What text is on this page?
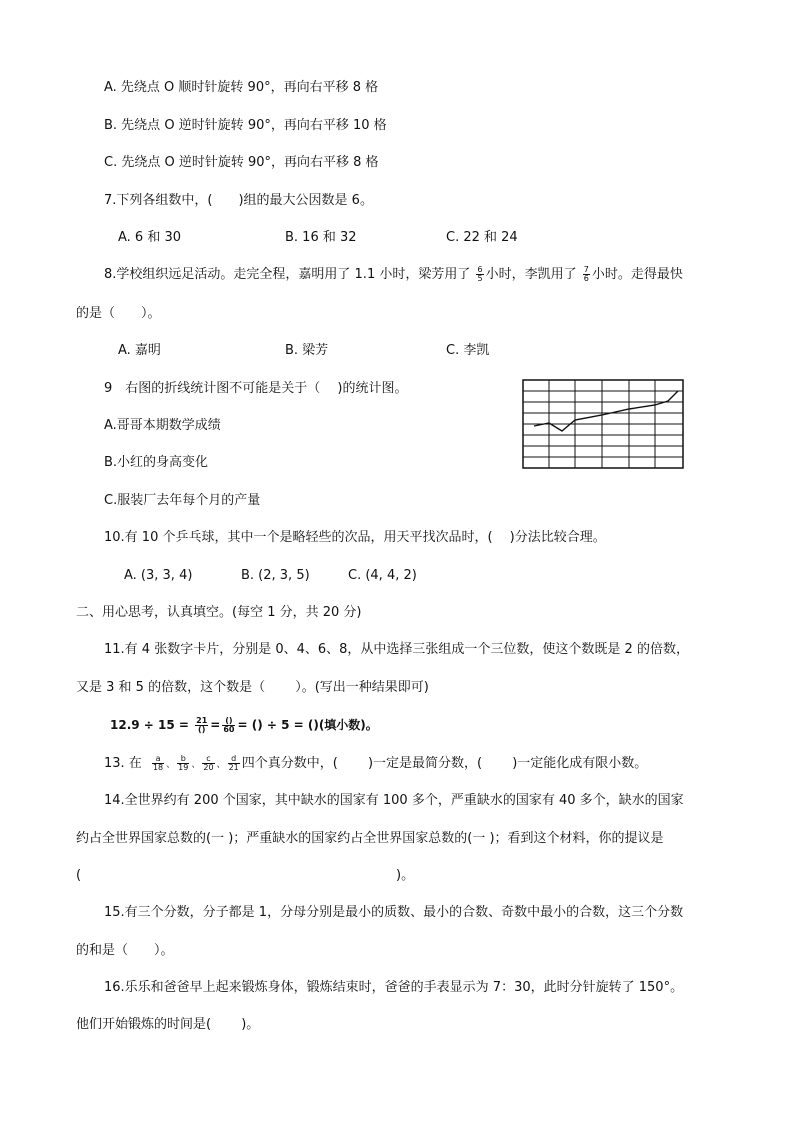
A. 先绕点 O 顺时针旋转 90°，再向右平移 8 格
B. 先绕点 O 逆时针旋转 90°，再向右平移 10 格
C. 先绕点 O 逆时针旋转 90°，再向右平移 8 格
7.下列各组数中，(　　)组的最大公因数是 6。
A. 6 和 30	B. 16 和 32	C. 22 和 24
8.学校组织远足活动。走完全程，嘉明用了 1.1 小时，梁芳用了 $\frac{6}{5}$ 小时，李凯用了 $\frac{7}{6}$ 小时。走得最快
的是（　　）。
A. 嘉明	B. 梁芳	C. 李凯
9　右图的折线统计图不可能是关于（　 )的统计图。
A.哥哥本期数学成绩
B.小红的身高变化
C.服装厂去年每个月的产量
10.有 10 个乒乓球，其中一个是略轻些的次品，用天平找次品时，(　 )分法比较合理。
A. (3, 3, 4)	B. (2, 3, 5)	C. (4, 4, 2)
二、用心思考，认真填空。(每空 1 分，共 20 分)
11.有 4 张数字卡片，分别是 0、4、6、8，从中选择三张组成一个三位数，使这个数既是 2 的倍数，
又是 3 和 5 的倍数，这个数是（　　 ）。(写出一种结果即可)
$12.9 \div 15 = \frac{21}{()} = \frac{()}{60}$ = () ÷ 5 = ()(填小数)。
13. 在 $\frac{a}{18}$ 、 $\frac{b}{19}$ 、 $\frac{c}{20}$ 、 $\frac{d}{21}$ 四个真分数中，(　　 )一定是最简分数，(　　 )一定能化成有限小数。
14.全世界约有 200 个国家，其中缺水的国家有 100 多个，严重缺水的国家有 40 多个，缺水的国家
约占全世界国家总数的(一 )；严重缺水的国家约占全世界国家总数的(一 )；看到这个材料，你的提议是
(	)。
15.有三个分数，分子都是 1，分母分别是最小的质数、最小的合数、奇数中最小的合数，这三个分数
的和是（　　）。
16.乐乐和爸爸早上起来锻炼身体，锻炼结束时，爸爸的手表显示为 7：30，此时分针旋转了 150°。
他们开始锻炼的时间是(　　 )。
